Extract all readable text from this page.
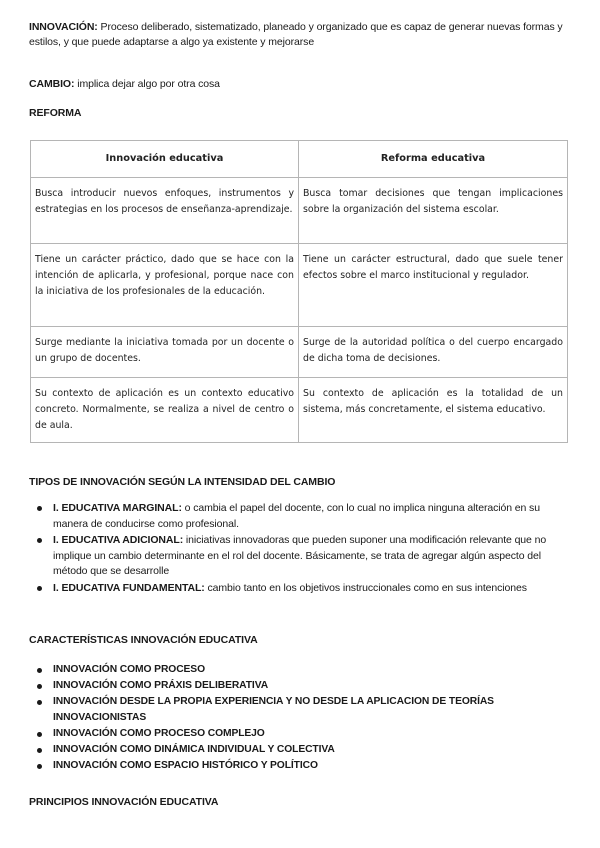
INNOVACIÓN: Proceso deliberado, sistematizado, planeado y organizado que es capaz de generar nuevas formas y estilos, y que puede adaptarse a algo ya existente y mejorarse

CAMBIO: implica dejar algo por otra cosa

REFORMA
Innovación educativa	Reforma educativa
Busca introducir nuevos enfoques, instrumentos y estrategias en los procesos de enseñanza-aprendizaje.	Busca tomar decisiones que tengan implicaciones sobre la organización del sistema escolar.
Tiene un carácter práctico, dado que se hace con la intención de aplicarla, y profesional, porque nace con la iniciativa de los profesionales de la educación.	Tiene un carácter estructural, dado que suele tener efectos sobre el marco institucional y regulador.
Surge mediante la iniciativa tomada por un docente o un grupo de docentes.	Surge de la autoridad política o del cuerpo encargado de dicha toma de decisiones.
Su contexto de aplicación es un contexto educativo concreto. Normalmente, se realiza a nivel de centro o de aula.	Su contexto de aplicación es la totalidad de un sistema, más concretamente, el sistema educativo.
TIPOS DE INNOVACIÓN SEGÚN LA INTENSIDAD DEL CAMBIO
I. EDUCATIVA MARGINAL: o cambia el papel del docente, con lo cual no implica ninguna alteración en su manera de conducirse como profesional.
I. EDUCATIVA ADICIONAL: iniciativas innovadoras que pueden suponer una modificación relevante que no implique un cambio determinante en el rol del docente. Básicamente, se trata de agregar algún aspecto del método que se desarrolle
I. EDUCATIVA FUNDAMENTAL: cambio tanto en los objetivos instruccionales como en sus intenciones
CARACTERÍSTICAS INNOVACIÓN EDUCATIVA
INNOVACIÓN COMO PROCESO
INNOVACIÓN COMO PRÁXIS DELIBERATIVA
INNOVACIÓN DESDE LA PROPIA EXPERIENCIA Y NO DESDE LA APLICACION DE TEORÍAS INNOVACIONISTAS
INNOVACIÓN COMO PROCESO COMPLEJO
INNOVACIÓN COMO DINÁMICA INDIVIDUAL Y COLECTIVA
INNOVACIÓN COMO ESPACIO HISTÓRICO Y POLÍTICO
PRINCIPIOS INNOVACIÓN EDUCATIVA
